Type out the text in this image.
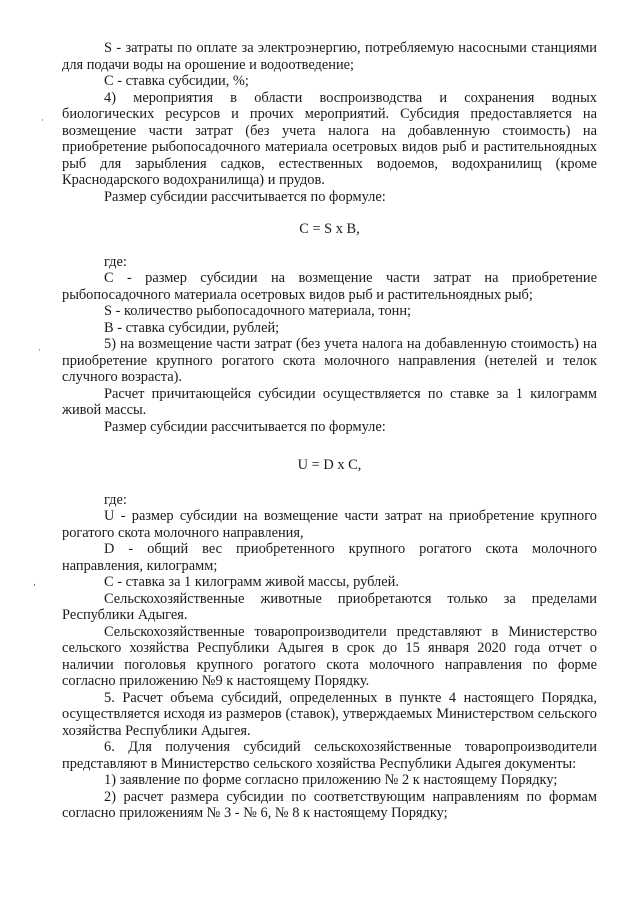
S - затраты по оплате за электроэнергию, потребляемую насосными станциями для подачи воды на орошение и водоотведение;

С - ставка субсидии, %;

4) мероприятия в области воспроизводства и сохранения водных биологических ресурсов и прочих мероприятий. Субсидия предоставляется на возмещение части затрат (без учета налога на добавленную стоимость) на приобретение рыбопосадочного материала осетровых видов рыб и растительноядных рыб для зарыбления садков, естественных водоемов, водохранилищ (кроме Краснодарского водохранилища) и прудов.

Размер субсидии рассчитывается по формуле:

С = S x В,

где:

С - размер субсидии на возмещение части затрат на приобретение рыбопосадочного материала осетровых видов рыб и растительноядных рыб;

S - количество рыбопосадочного материала, тонн;

В - ставка субсидии, рублей;

5) на возмещение части затрат (без учета налога на добавленную стоимость) на приобретение крупного рогатого скота молочного направления (нетелей и телок случного возраста).

Расчет причитающейся субсидии осуществляется по ставке за 1 килограмм живой массы.

Размер субсидии рассчитывается по формуле:

U = D x С,

где:

U - размер субсидии на возмещение части затрат на приобретение крупного рогатого скота молочного направления,

D - общий вес приобретенного крупного рогатого скота молочного направления, килограмм;

С - ставка за 1 килограмм живой массы, рублей.

Сельскохозяйственные животные приобретаются только за пределами Республики Адыгея.

Сельскохозяйственные товаропроизводители представляют в Министерство сельского хозяйства Республики Адыгея в срок до 15 января 2020 года отчет о наличии поголовья крупного рогатого скота молочного направления по форме согласно приложению №9 к настоящему Порядку.

5. Расчет объема субсидий, определенных в пункте 4 настоящего Порядка, осуществляется исходя из размеров (ставок), утверждаемых Министерством сельского хозяйства Республики Адыгея.

6. Для получения субсидий сельскохозяйственные товаропроизводители представляют в Министерство сельского хозяйства Республики Адыгея документы:

1) заявление по форме согласно приложению № 2 к настоящему Порядку;

2) расчет размера субсидии по соответствующим направлениям по формам согласно приложениям № 3 - № 6, № 8 к настоящему Порядку;

·
·
,
